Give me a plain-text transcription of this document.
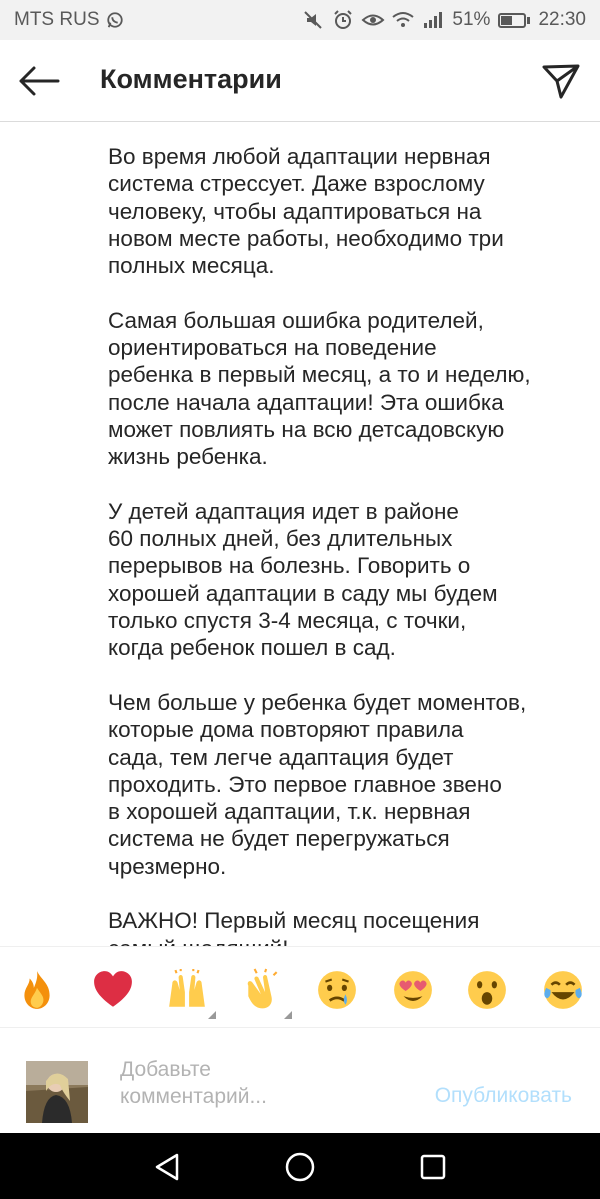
MTS RUS	51%	22:30
Комментарии

Во время любой адаптации нервная
система стрессует. Даже взрослому
человеку, чтобы адаптироваться на
новом месте работы, необходимо три
полных месяца.

Самая большая ошибка родителей,
ориентироваться на поведение
ребенка в первый месяц, а то и неделю,
после начала адаптации! Эта ошибка
может повлиять на всю детсадовскую
жизнь ребенка.

У детей адаптация идет в районе
60 полных дней, без длительных
перерывов на болезнь. Говорить о
хорошей адаптации в саду мы будем
только спустя 3-4 месяца, с точки,
когда ребенок пошел в сад.

Чем больше у ребенка будет моментов,
которые дома повторяют правила
сада, тем легче адаптация будет
проходить. Это первое главное звено
в хорошей адаптации, т.к. нервная
система не будет перегружаться
чрезмерно.

ВАЖНО! Первый месяц посещения

Добавьте комментарий...
Опубликовать
